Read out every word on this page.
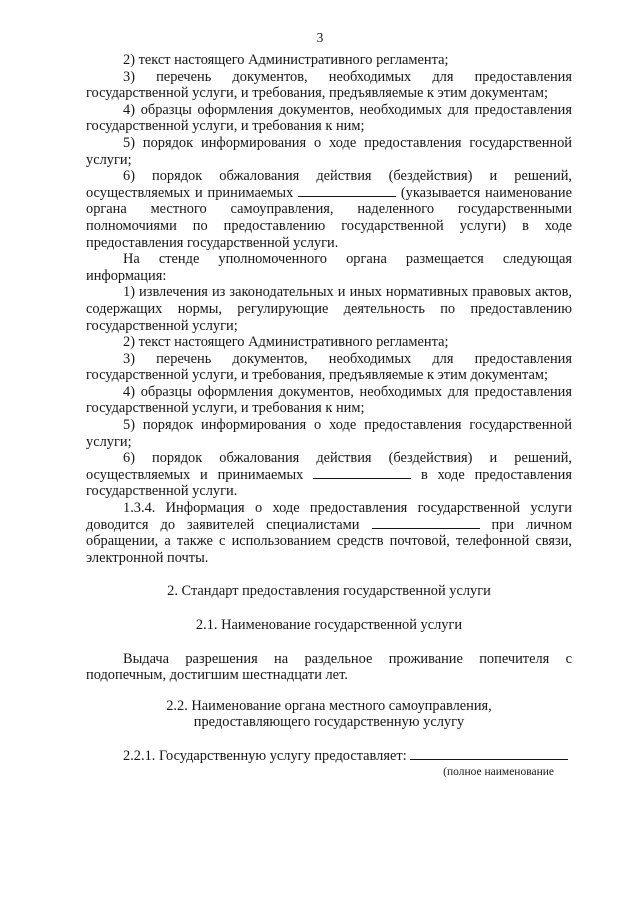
3

2) текст настоящего Административного регламента;

3) перечень документов, необходимых для предоставления государственной услуги, и требования, предъявляемые к этим документам;

4) образцы оформления документов, необходимых для предоставления государственной услуги, и требования к ним;

5) порядок информирования о ходе предоставления государственной услуги;

6) порядок обжалования действия (бездействия) и решений, осуществляемых и принимаемых	(указывается наименование органа местного самоуправления, наделенного государственными полномочиями по предоставлению государственной услуги) в ходе предоставления государственной услуги.

На стенде уполномоченного органа размещается следующая информация:

1) извлечения из законодательных и иных нормативных правовых актов, содержащих нормы, регулирующие деятельность по предоставлению государственной услуги;

2) текст настоящего Административного регламента;

3) перечень документов, необходимых для предоставления государственной услуги, и требования, предъявляемые к этим документам;

4) образцы оформления документов, необходимых для предоставления государственной услуги, и требования к ним;

5) порядок информирования о ходе предоставления государственной услуги;

6) порядок обжалования действия (бездействия) и решений, осуществляемых и принимаемых	в ходе предоставления государственной услуги.

1.3.4. Информация о ходе предоставления государственной услуги доводится до заявителей специалистами	при личном обращении, а также с использованием средств почтовой, телефонной связи, электронной почты.

2. Стандарт предоставления государственной услуги

2.1. Наименование государственной услуги

Выдача разрешения на раздельное проживание попечителя с подопечным, достигшим шестнадцати лет.

2.2. Наименование органа местного самоуправления,

предоставляющего государственную услугу

2.2.1. Государственную услугу предоставляет:

(полное наименование
